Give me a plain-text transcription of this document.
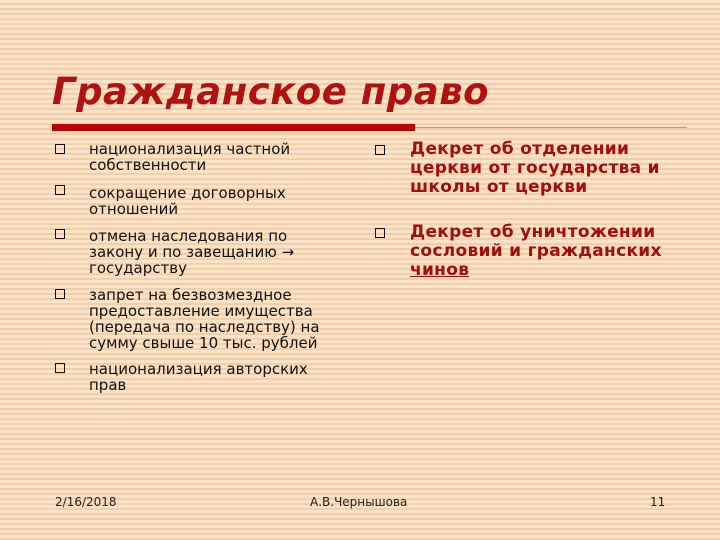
Гражданское право
национализация частной собственности
сокращение договорных отношений
отмена наследования по закону и по завещанию → государству
запрет на безвозмездное предоставление имущества (передача по наследству) на сумму свыше 10 тыс. рублей
национализация авторских прав
Декрет об отделении церкви от государства и школы от церкви
Декрет об уничтожении сословий и гражданских чинов
2/16/2018	А.В.Чернышова	11
